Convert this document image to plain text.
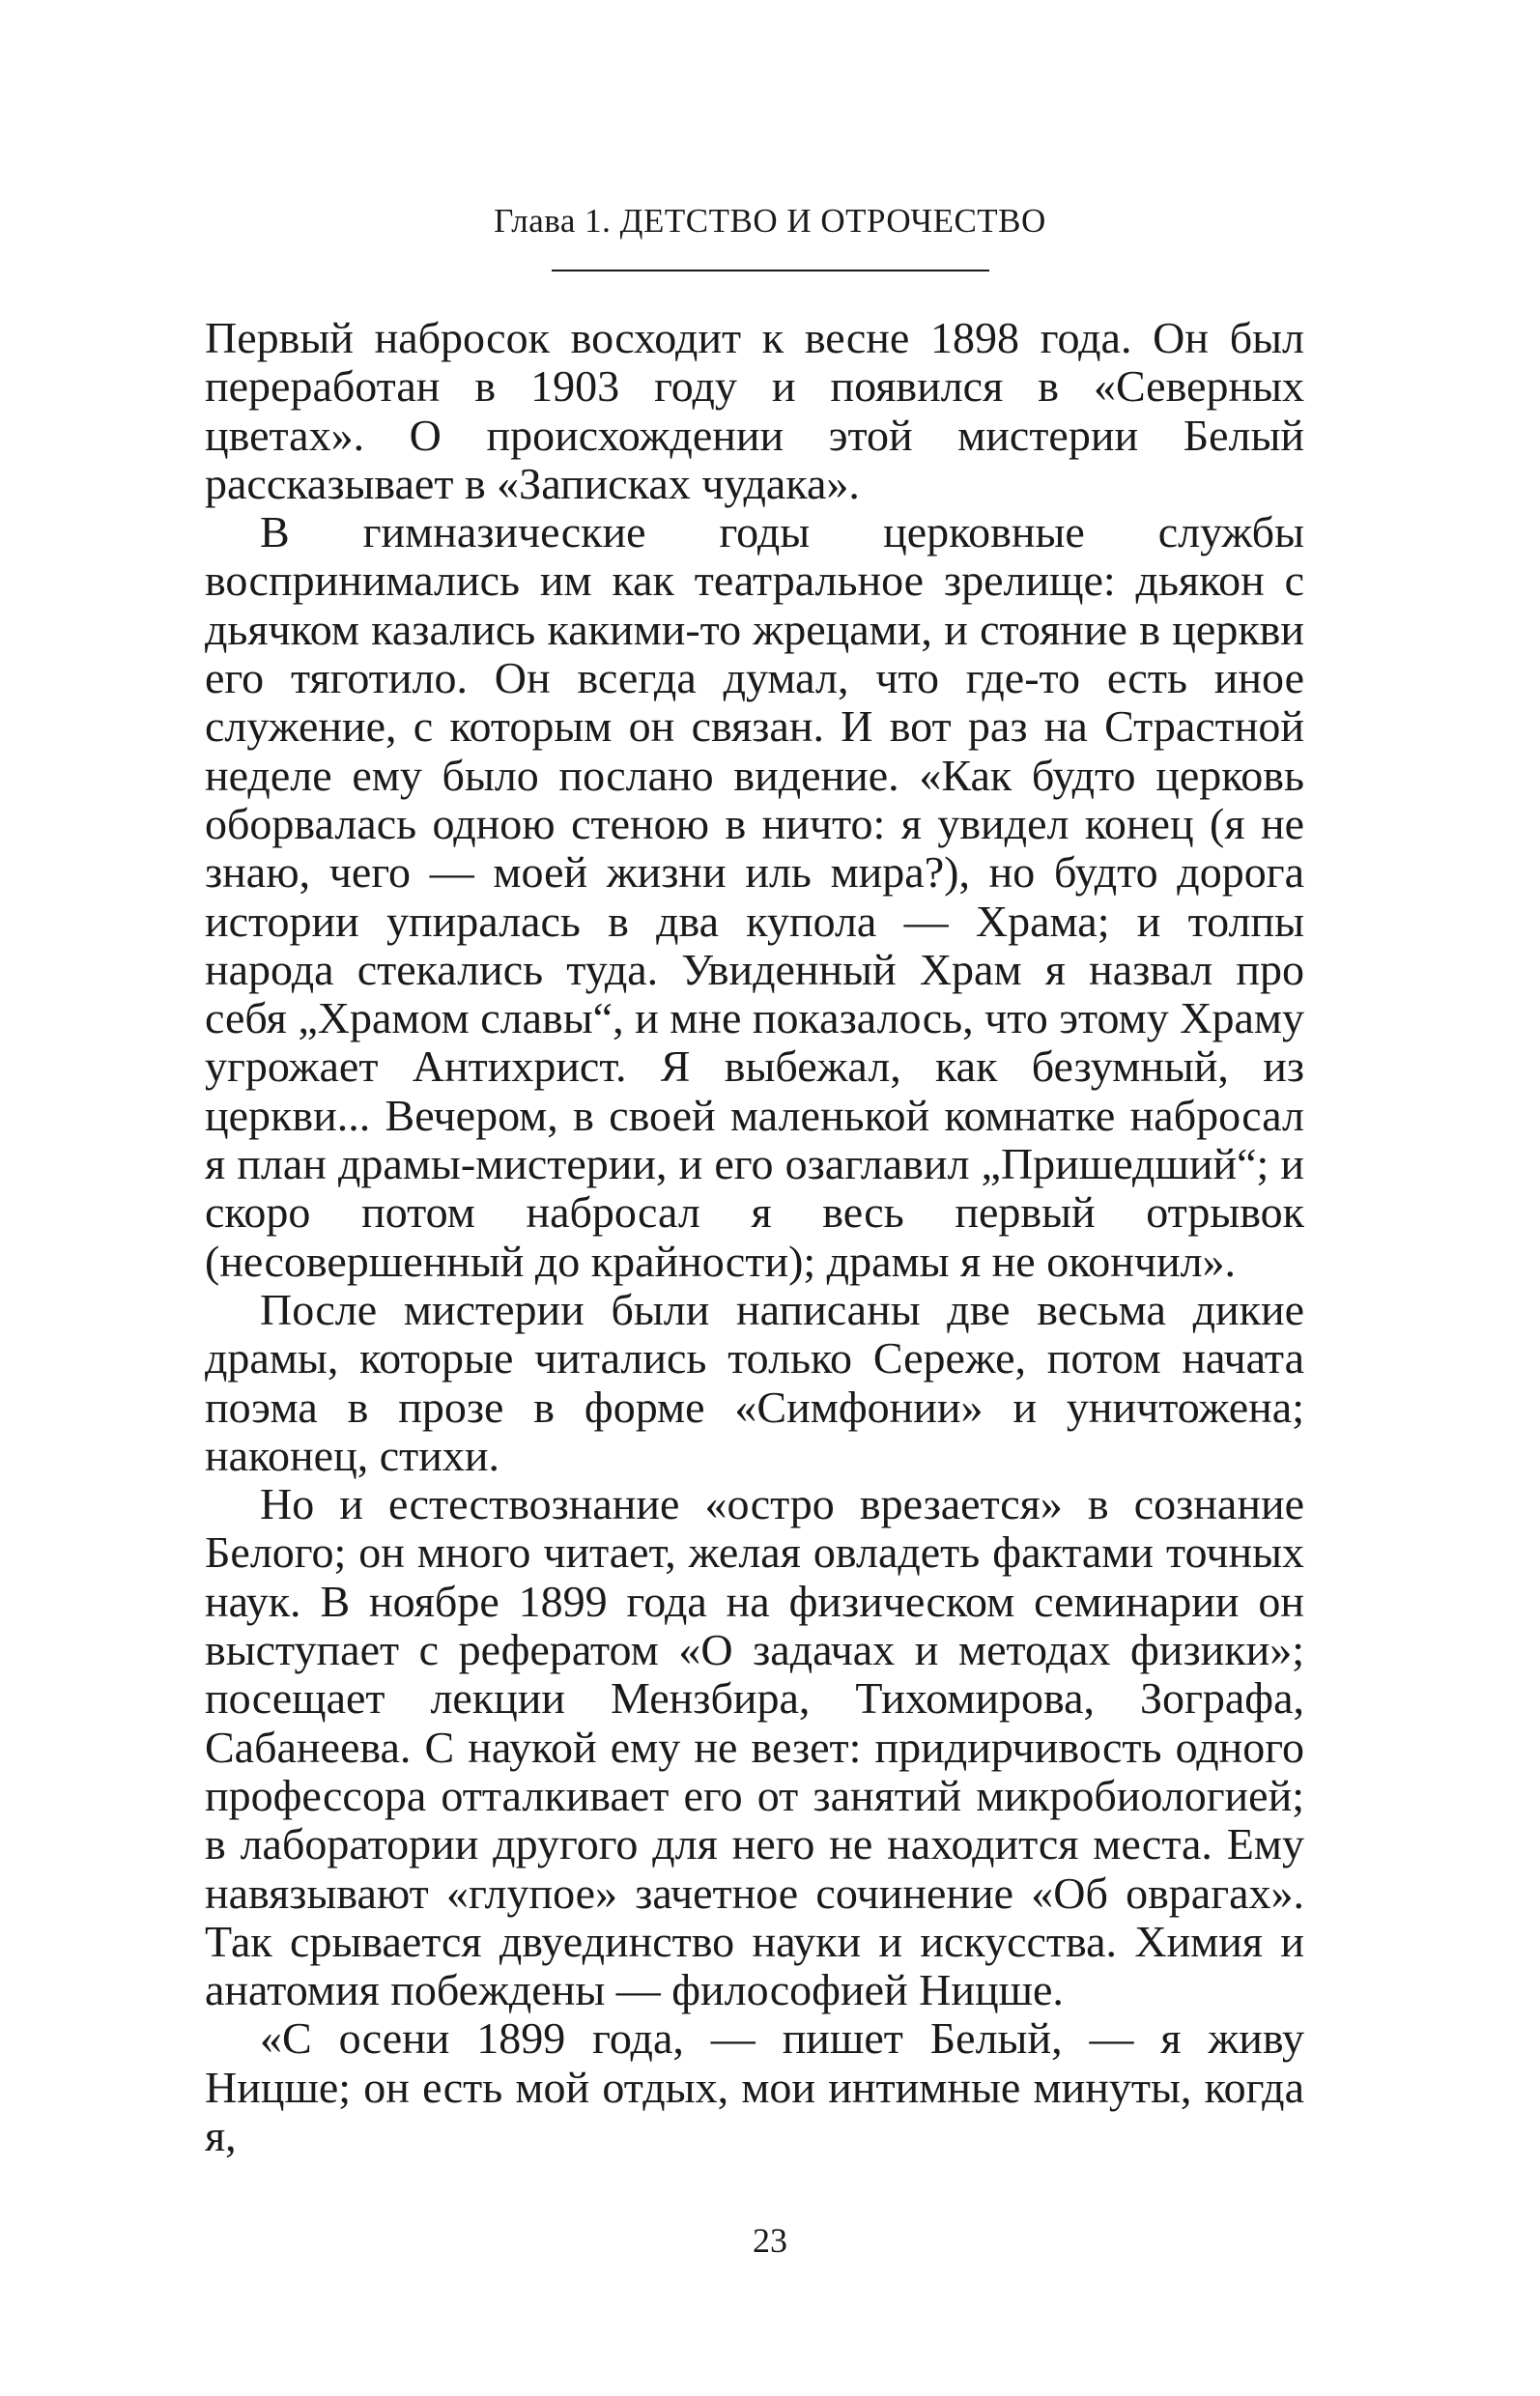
Глава 1. ДЕТСТВО И ОТРОЧЕСТВО

Первый набросок восходит к весне 1898 года. Он был переработан в 1903 году и появился в «Северных цветах». О происхождении этой мистерии Белый рассказывает в «Записках чудака».

В гимназические годы церковные службы воспринимались им как театральное зрелище: дьякон с дьячком казались какими-то жрецами, и стояние в церкви его тяготило. Он всегда думал, что где-то есть иное служение, с которым он связан. И вот раз на Страстной неделе ему было послано видение. «Как будто церковь оборвалась одною стеною в ничто: я увидел конец (я не знаю, чего — моей жизни иль мира?), но будто дорога истории упиралась в два купола — Храма; и толпы народа стекались туда. Увиденный Храм я назвал про себя „Храмом славы“, и мне показалось, что этому Храму угрожает Антихрист. Я выбежал, как безумный, из церкви... Вечером, в своей маленькой комнатке набросал я план драмы-мистерии, и его озаглавил „Пришедший“; и скоро потом набросал я весь первый отрывок (несовершенный до крайности); драмы я не окончил».

После мистерии были написаны две весьма дикие драмы, которые читались только Сереже, потом начата поэма в прозе в форме «Симфонии» и уничтожена; наконец, стихи.

Но и естествознание «остро врезается» в сознание Белого; он много читает, желая овладеть фактами точных наук. В ноябре 1899 года на физическом семинарии он выступает с рефератом «О задачах и методах физики»; посещает лекции Мензбира, Тихомирова, Зографа, Сабанеева. С наукой ему не везет: придирчивость одного профессора отталкивает его от занятий микробиологией; в лаборатории другого для него не находится места. Ему навязывают «глупое» зачетное сочинение «Об оврагах». Так срывается двуединство науки и искусства. Химия и анатомия побеждены — философией Ницше.

«С осени 1899 года, — пишет Белый, — я живу Ницше; он есть мой отдых, мои интимные минуты, когда я,

23
